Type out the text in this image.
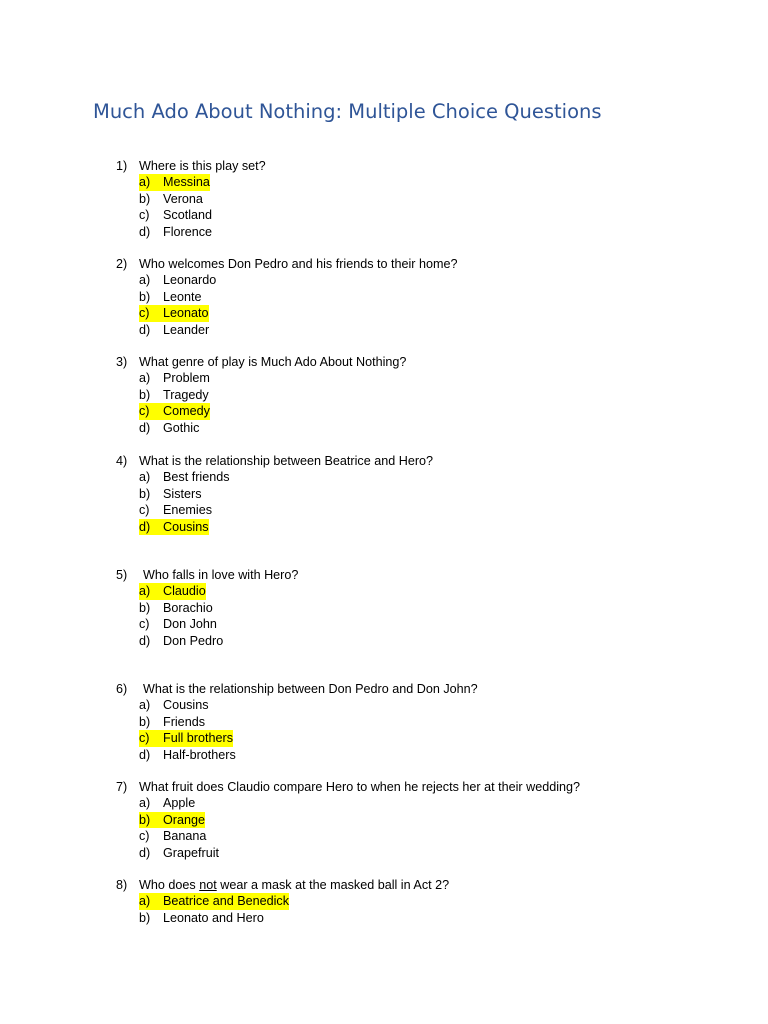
Much Ado About Nothing: Multiple Choice Questions
1) Where is this play set?
a) Messina
b) Verona
c) Scotland
d) Florence
2) Who welcomes Don Pedro and his friends to their home?
a) Leonardo
b) Leonte
c) Leonato
d) Leander
3) What genre of play is Much Ado About Nothing?
a) Problem
b) Tragedy
c) Comedy
d) Gothic
4) What is the relationship between Beatrice and Hero?
a) Best friends
b) Sisters
c) Enemies
d) Cousins
5)	Who falls in love with Hero?
a) Claudio
b) Borachio
c) Don John
d) Don Pedro
6)	What is the relationship between Don Pedro and Don John?
a) Cousins
b) Friends
c) Full brothers
d) Half-brothers
7) What fruit does Claudio compare Hero to when he rejects her at their wedding?
a) Apple
b) Orange
c) Banana
d) Grapefruit
8) Who does not wear a mask at the masked ball in Act 2?
a) Beatrice and Benedick
b) Leonato and Hero
